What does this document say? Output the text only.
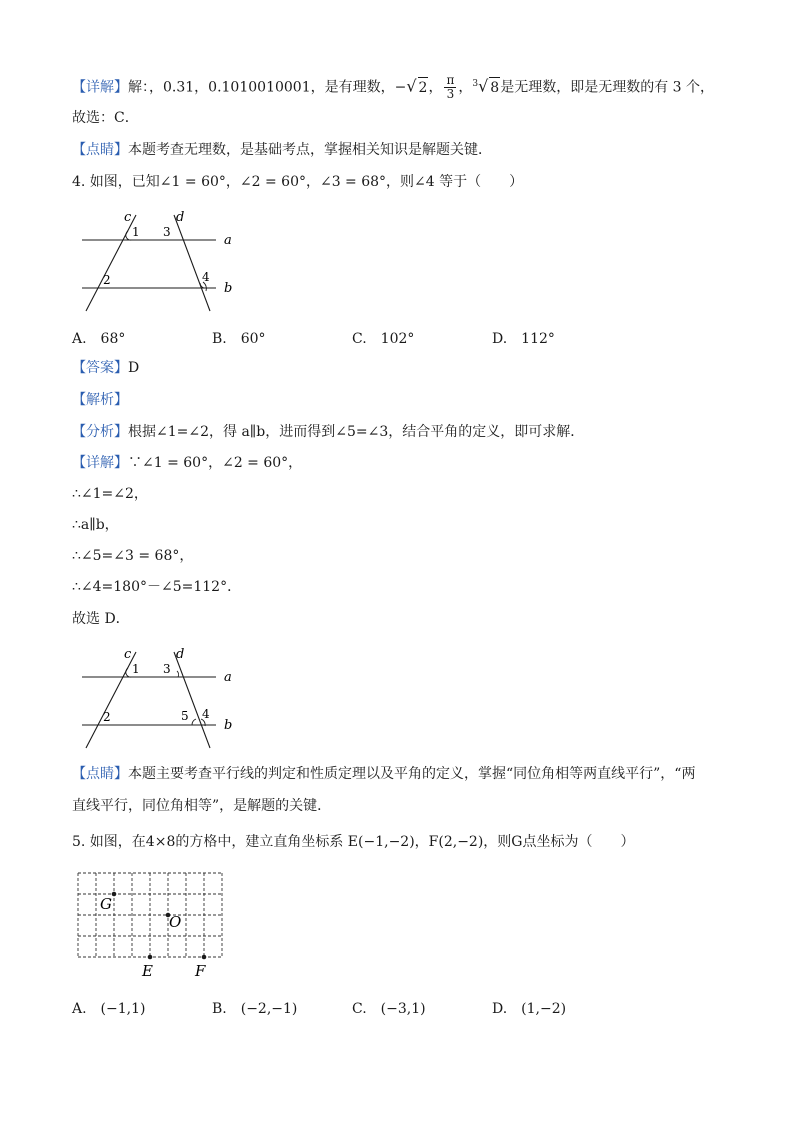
【详解】解：，0.31，0.1010010001，是有理数，−√ 2， $\frac{\pi}{3}$ ，$^3$√ 8是无理数，即是无理数的有 3 个，
故选：C．
【点睛】本题考查无理数，是基础考点，掌握相关知识是解题关键．
4. 如图，已知∠1 = 60°，∠2 = 60°，∠3 = 68°，则∠4 等于（　　）
c	d
a
b
1 3
2	4
A.　68°	B.　60°	C.　102°	D.　112°
【答案】D
【解析】
【分析】根据∠1=∠2，得 a∥b，进而得到∠5=∠3，结合平角的定义，即可求解．
【详解】∵∠1 = 60°，∠2 = 60°，
∴∠1=∠2，
∴a∥b，
∴∠5=∠3 = 68°，
∴∠4=180°－∠5=112°．
故选 D．
c	d
a
b
1 3
2	5 4
【点睛】本题主要考查平行线的判定和性质定理以及平角的定义，掌握“同位角相等两直线平行”，“两
直线平行，同位角相等”，是解题的关键．
5. 如图，在4×8的方格中，建立直角坐标系 E(−1,−2)，F(2,−2)，则G点坐标为（　　）
G
O
E	F
A.　(−1,1)	B.　(−2,−1)	C.　(−3,1)	D.　(1,−2)
